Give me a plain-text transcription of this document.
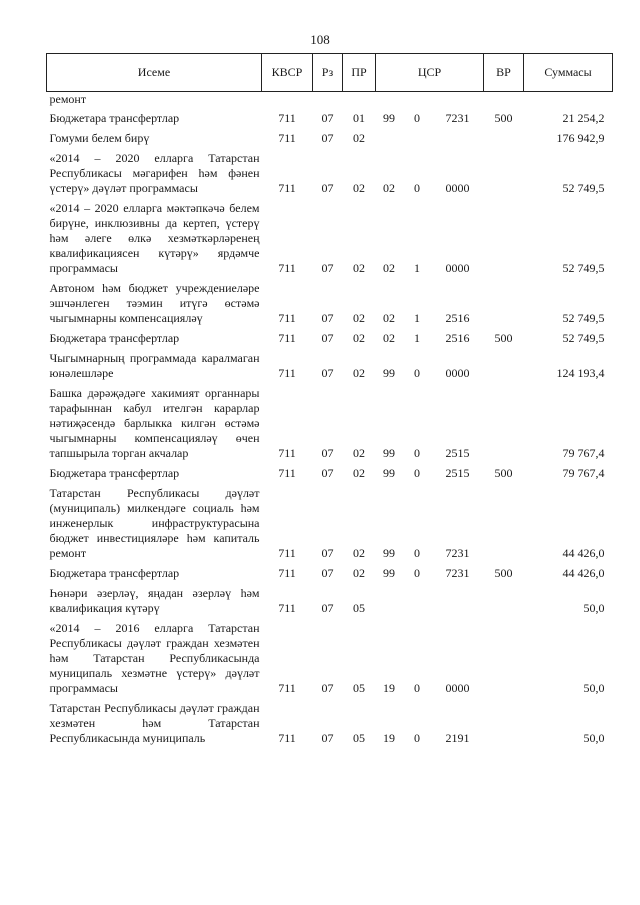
108
Исеме	КВСР	Рз	ПР	ЦСР			ВР	Суммасы
ремонт								
Бюджетара трансфертлар	711	07	01	99	0	7231	500	21 254,2
Гомуми белем бирү	711	07	02					176 942,9
«2014 – 2020 елларга Татарстан Республикасы мәгарифен һәм фәнен үстерү» дәүләт программасы	711	07	02	02	0	0000		52 749,5
«2014 – 2020 елларга мәктәпкәчә белем бирүне, инклюзивны да кертеп, үстерү һәм әлеге өлкә хезмәткәрләренең квалификациясен күтәрү» ярдәмче программасы	711	07	02	02	1	0000		52 749,5
Автоном һәм бюджет учреждениеләре эшчәнлеген тәэмин итүгә өстәмә чыгымнарны компенсацияләү	711	07	02	02	1	2516		52 749,5
Бюджетара трансфертлар	711	07	02	02	1	2516	500	52 749,5
Чыгымнарның программада каралмаган юнәлешләре	711	07	02	99	0	0000		124 193,4
Башка дәрәҗәдәге хакимият органнары тарафыннан кабул ителгән карарлар нәтиҗәсендә барлыкка килгән өстәмә чыгымнарны компенсацияләү өчен тапшырыла торган акчалар	711	07	02	99	0	2515		79 767,4
Бюджетара трансфертлар	711	07	02	99	0	2515	500	79 767,4
Татарстан Республикасы дәүләт (муниципаль) милкендәге социаль һәм инженерлык инфраструктурасына бюджет инвестицияләре һәм капиталь ремонт	711	07	02	99	0	7231		44 426,0
Бюджетара трансфертлар	711	07	02	99	0	7231	500	44 426,0
Һөнәри әзерләү, яңадан әзерләү һәм квалификация күтәрү	711	07	05					50,0
«2014 – 2016 елларга Татарстан Республикасы дәүләт граждан хезмәтен һәм Татарстан Республикасында муниципаль хезмәтне үстерү» дәүләт программасы	711	07	05	19	0	0000		50,0
Татарстан Республикасы дәүләт граждан хезмәтен һәм Татарстан Республикасында муниципаль	711	07	05	19	0	2191		50,0
